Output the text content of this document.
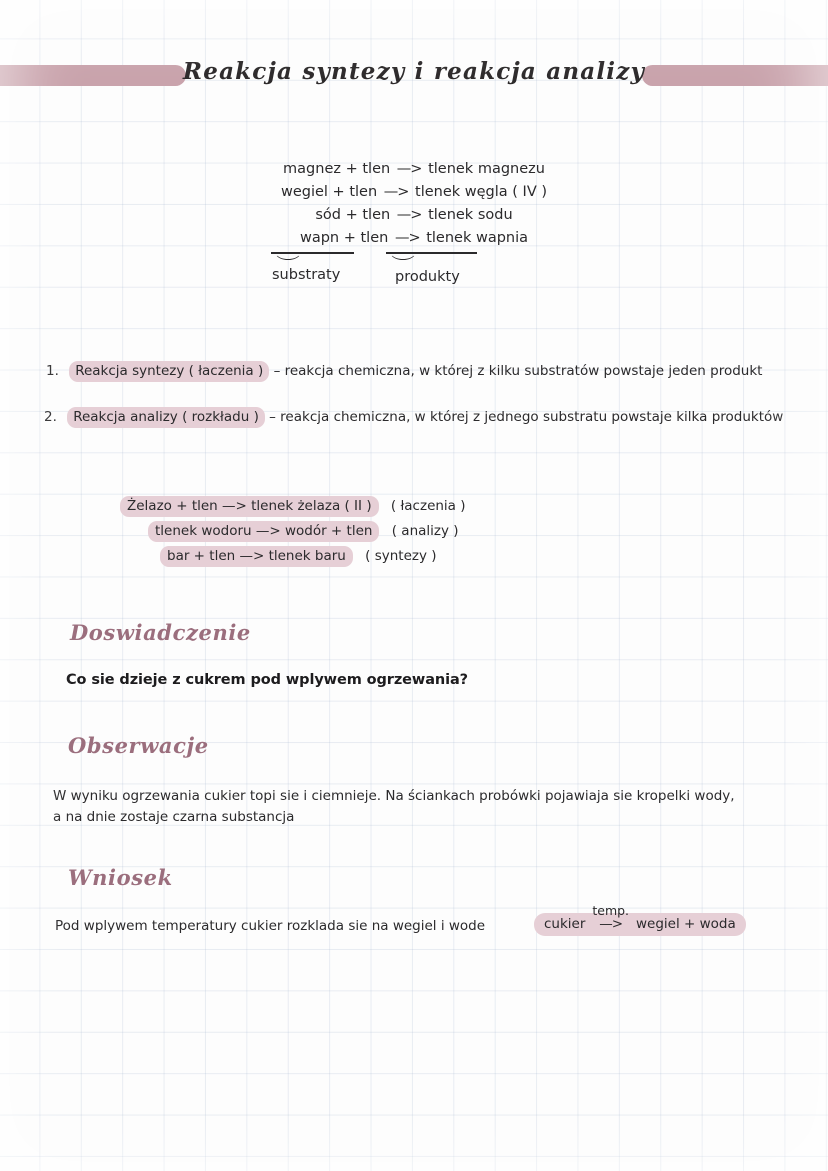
Reakcja syntezy i reakcja analizy
magnez + tlen —> tlenek magnezu
wegiel + tlen —> tlenek węgla ( IV )
sód + tlen —> tlenek sodu
wapn + tlen —> tlenek wapnia
︶	︶
substraty	produkty
1. Reakcja syntezy ( łaczenia ) – reakcja chemiczna, w której z kilku substratów powstaje jeden produkt
2. Reakcja analizy ( rozkładu ) – reakcja chemiczna, w której z jednego substratu powstaje kilka produktów
Żelazo + tlen —> tlenek żelaza ( II ) ( łaczenia )
tlenek wodoru —> wodór + tlen ( analizy )
bar + tlen —> tlenek baru ( syntezy )
Doswiadczenie
Co sie dzieje z cukrem pod wplywem ogrzewania?
Obserwacje
W wyniku ogrzewania cukier topi sie i ciemnieje. Na ściankach probówki pojawiaja sie kropelki wody,
a na dnie zostaje czarna substancja
Wniosek
Pod wplywem temperatury cukier rozklada sie na wegiel i wode	cukier
temp.
—> wegiel + woda
